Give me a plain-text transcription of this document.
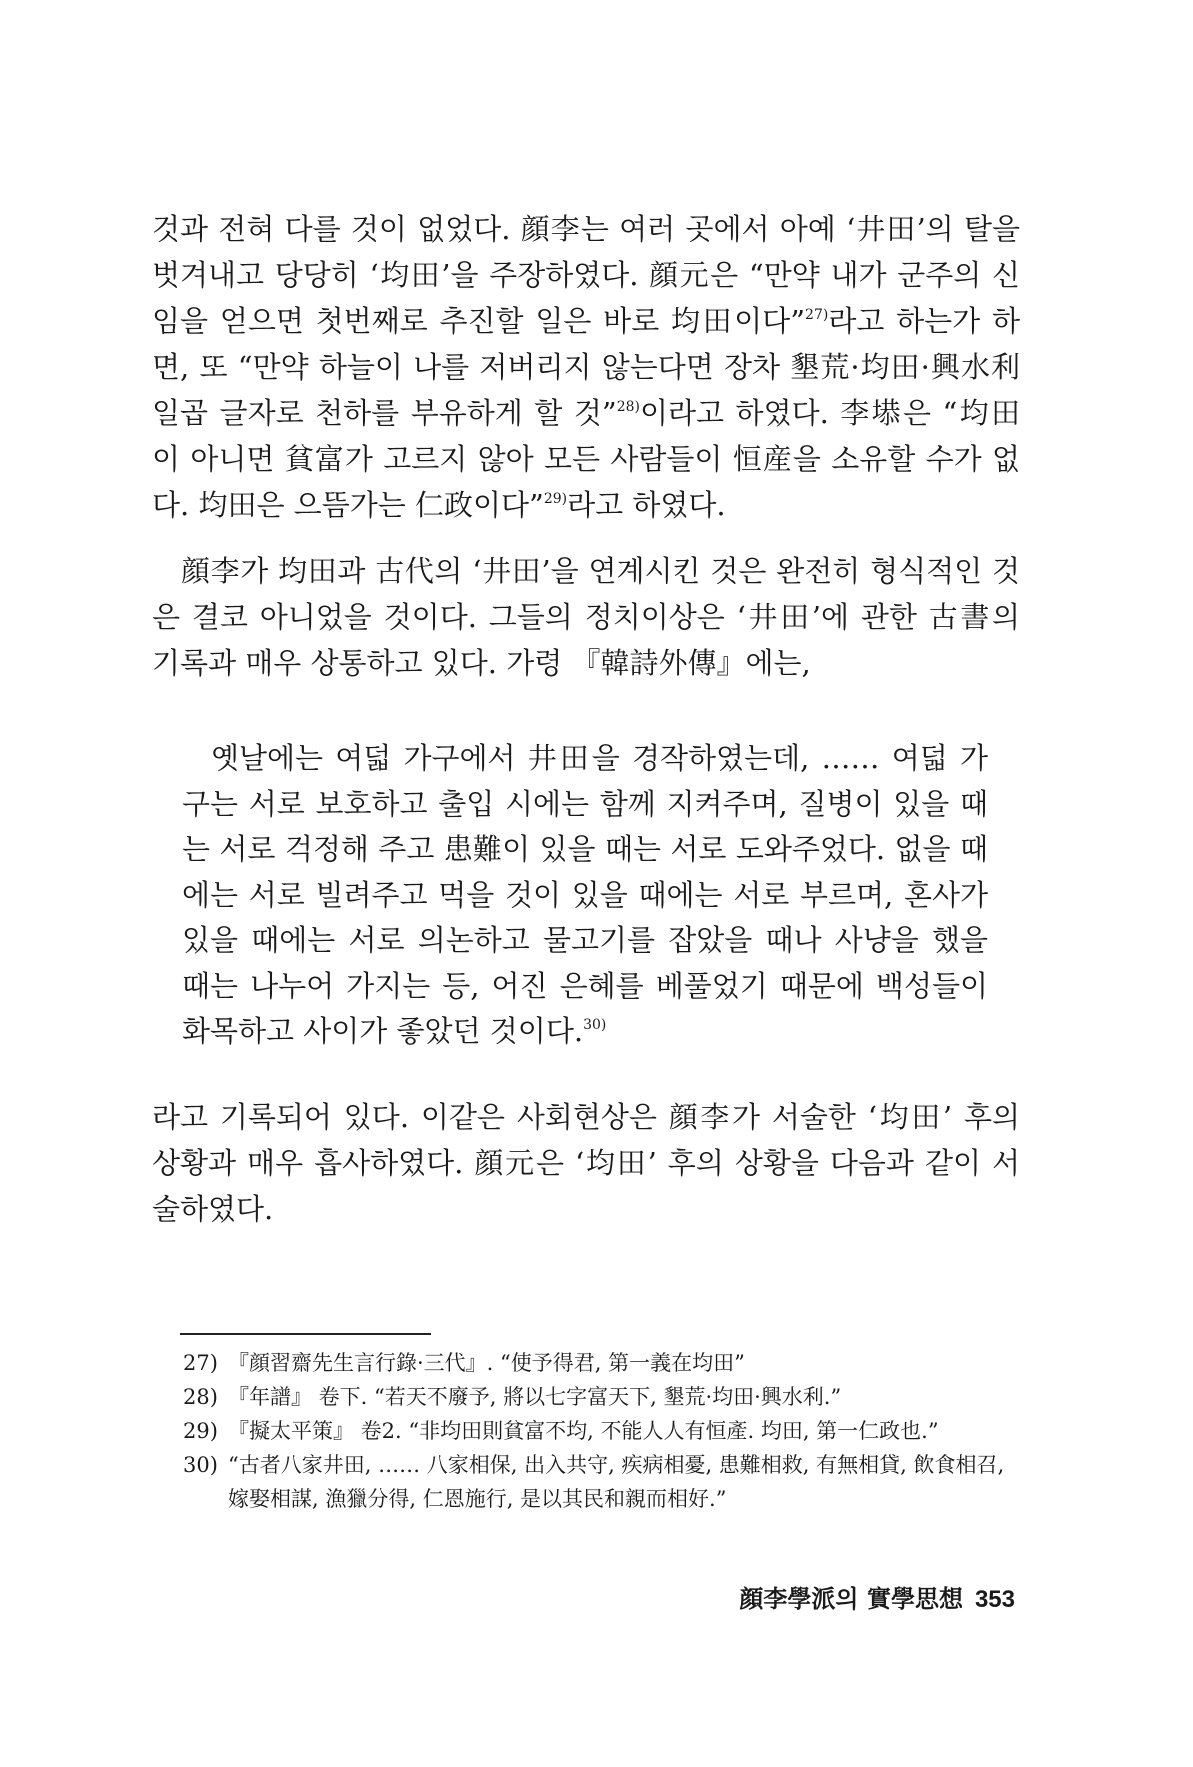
것과 전혀 다를 것이 없었다. 顔李는 여러 곳에서 아예 ‘井田’의 탈을 벗겨내고 당당히 ‘均田’을 주장하였다. 顔元은 “만약 내가 군주의 신임을 얻으면 첫번째로 추진할 일은 바로 均田이다”$^{27)}$라고 하는가 하면, 또 “만약 하늘이 나를 저버리지 않는다면 장차 墾荒·均田·興水利 일곱 글자로 천하를 부유하게 할 것”$^{28)}$이라고 하였다. 李塨은 “均田이 아니면 貧富가 고르지 않아 모든 사람들이 恒産을 소유할 수가 없다. 均田은 으뜸가는 仁政이다”$^{29)}$라고 하였다.

顔李가 均田과 古代의 ‘井田’을 연계시킨 것은 완전히 형식적인 것은 결코 아니었을 것이다. 그들의 정치이상은 ‘井田’에 관한 古書의 기록과 매우 상통하고 있다. 가령 『韓詩外傳』에는,

옛날에는 여덟 가구에서 井田을 경작하였는데, …… 여덟 가구는 서로 보호하고 출입 시에는 함께 지켜주며, 질병이 있을 때는 서로 걱정해 주고 患難이 있을 때는 서로 도와주었다. 없을 때에는 서로 빌려주고 먹을 것이 있을 때에는 서로 부르며, 혼사가 있을 때에는 서로 의논하고 물고기를 잡았을 때나 사냥을 했을 때는 나누어 가지는 등, 어진 은혜를 베풀었기 때문에 백성들이 화목하고 사이가 좋았던 것이다.$^{30)}$

라고 기록되어 있다. 이같은 사회현상은 顔李가 서술한 ‘均田’ 후의 상황과 매우 흡사하였다. 顔元은 ‘均田’ 후의 상황을 다음과 같이 서술하였다.

27) 『顔習齋先生言行錄·三代』. “使予得君, 第一義在均田”
28) 『年譜』 卷下. “若天不廢予, 將以七字富天下, 墾荒·均田·興水利.”
29) 『擬太平策』 卷2. “非均田則貧富不均, 不能人人有恒產. 均田, 第一仁政也.”
30) “古者八家井田, …… 八家相保, 出入共守, 疾病相憂, 患難相救, 有無相貸, 飲食相召, 嫁娶相謀, 漁獵分得, 仁恩施行, 是以其民和親而相好.”
顔李學派의 實學思想 353
